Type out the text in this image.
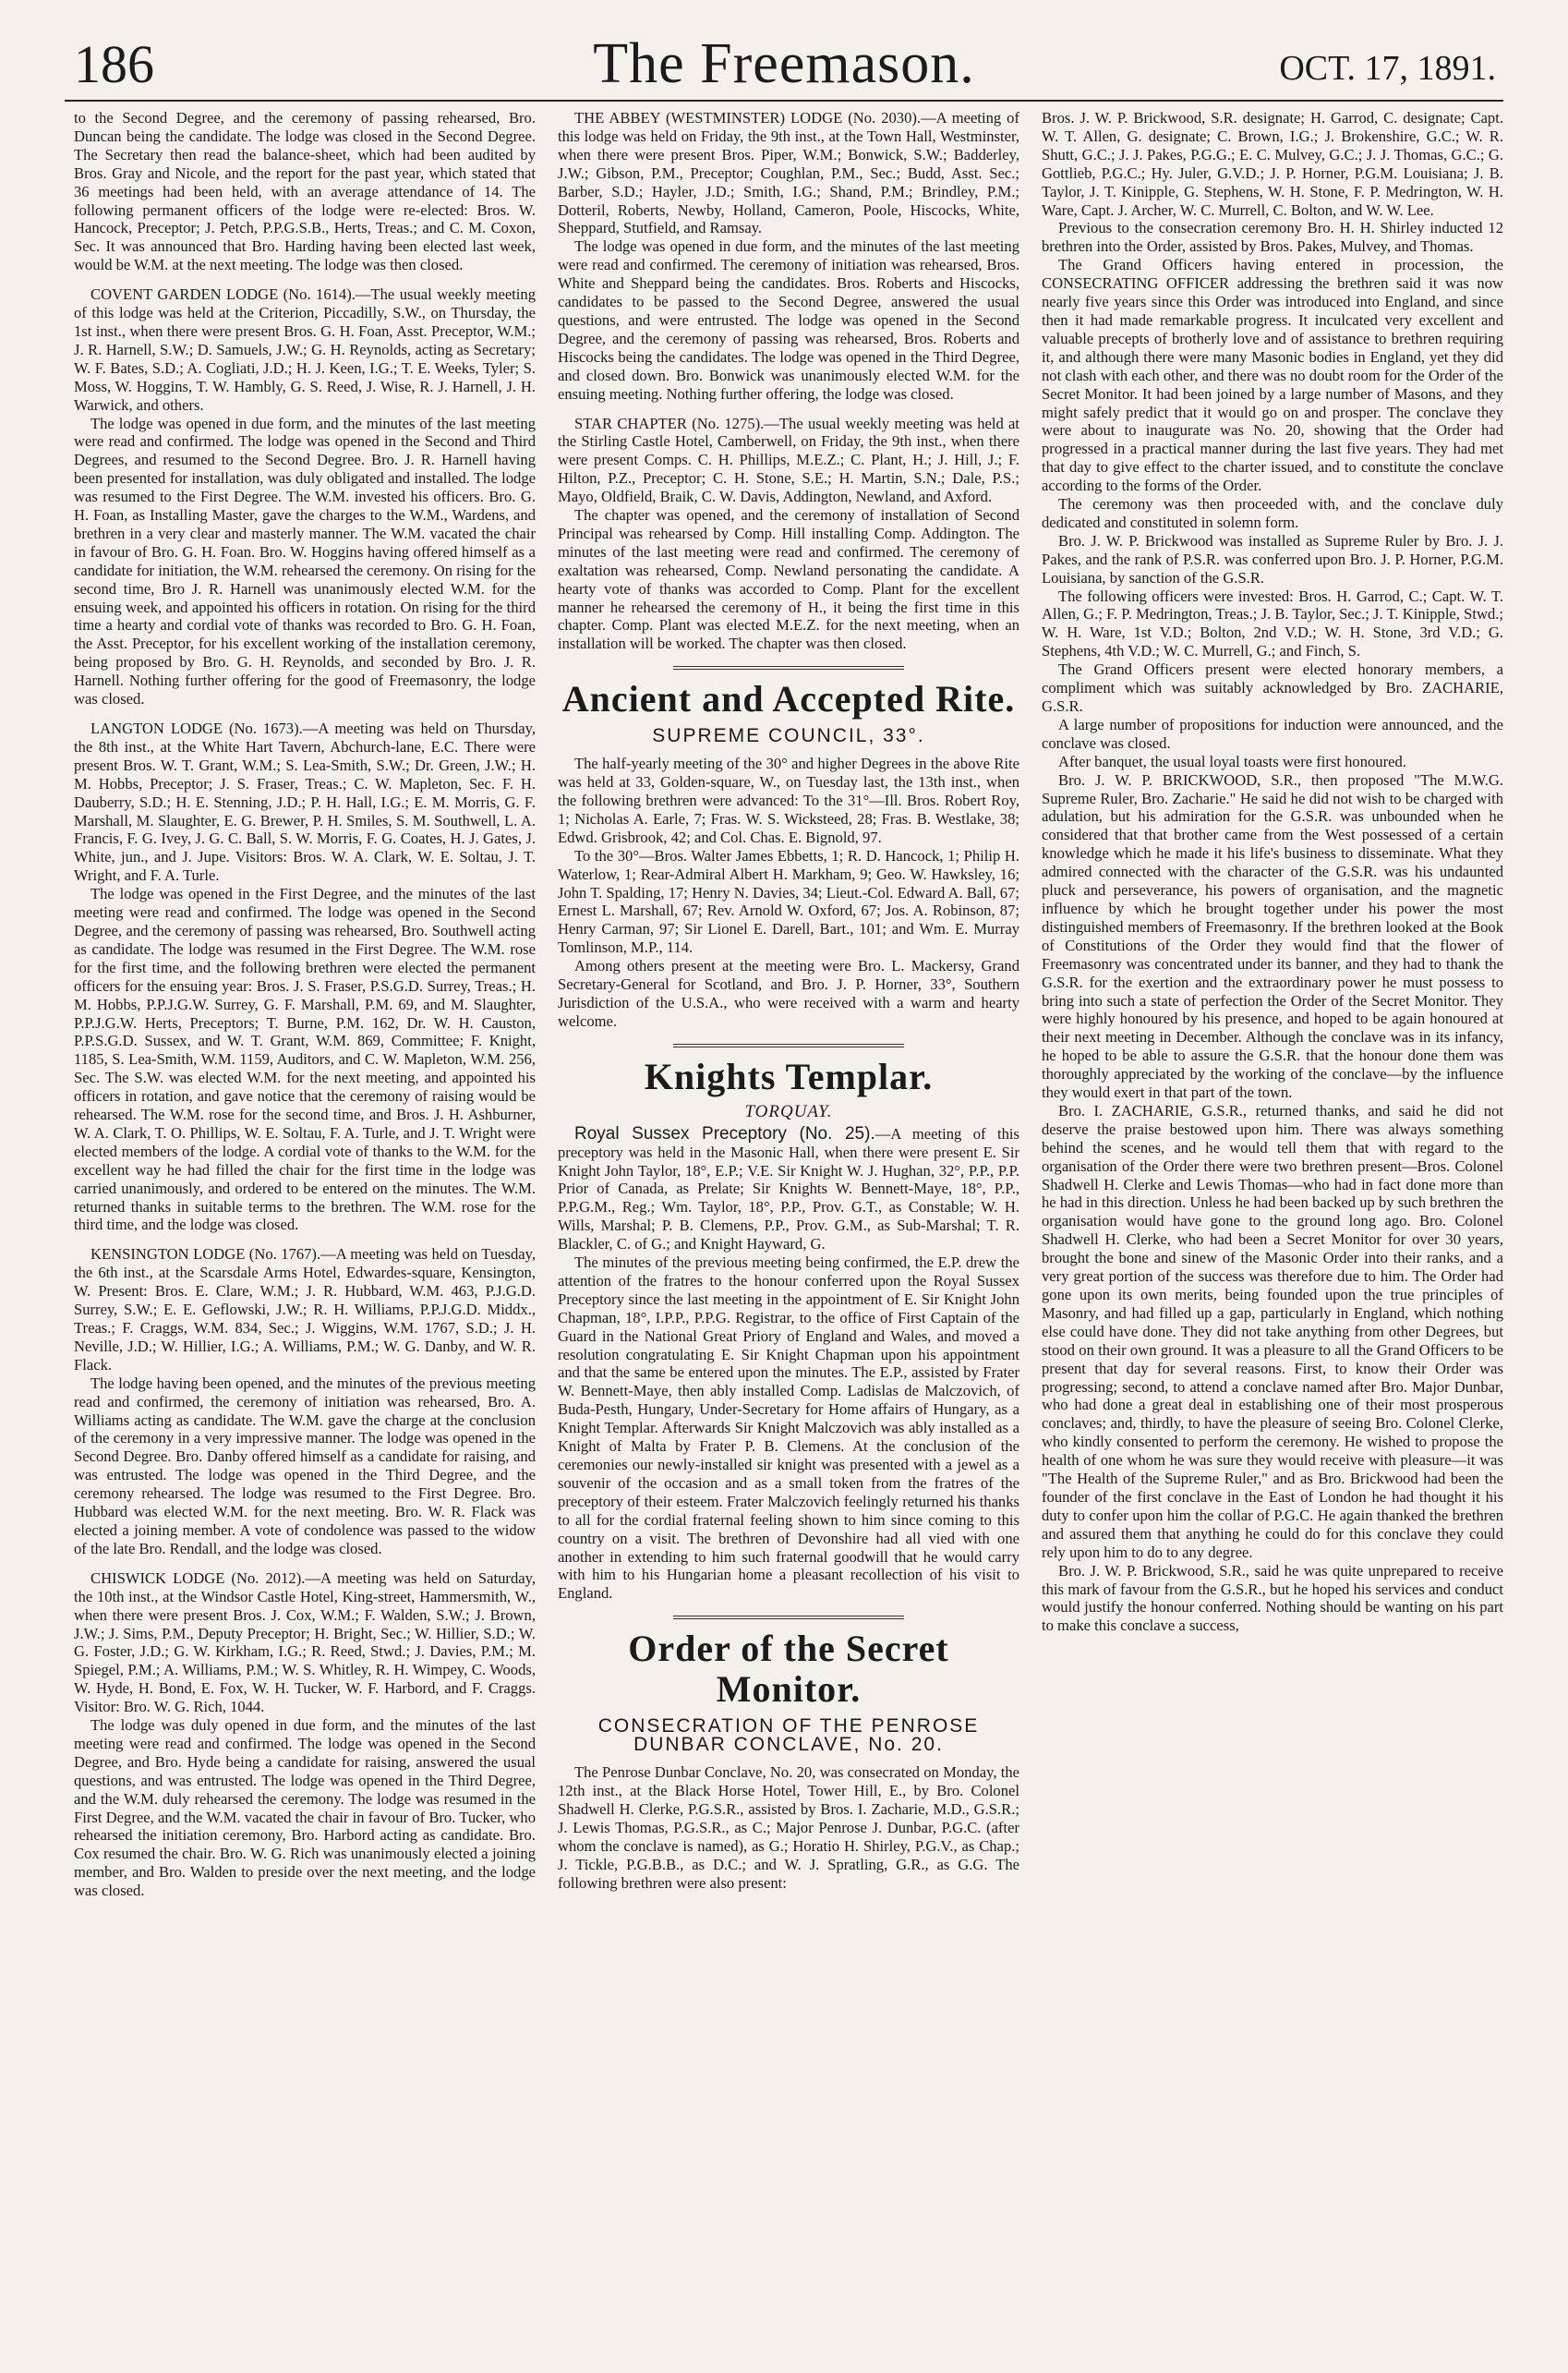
186	The Freemason.	OCT. 17, 1891.

to the Second Degree, and the ceremony of passing rehearsed, Bro. Duncan being the candidate. The lodge was closed in the Second Degree. The Secretary then read the balance-sheet, which had been audited by Bros. Gray and Nicole, and the report for the past year, which stated that 36 meetings had been held, with an average attendance of 14. The following permanent officers of the lodge were re-elected: Bros. W. Hancock, Preceptor; J. Petch, P.P.G.S.B., Herts, Treas.; and C. M. Coxon, Sec. It was announced that Bro. Harding having been elected last week, would be W.M. at the next meeting. The lodge was then closed.

COVENT GARDEN LODGE (No. 1614).—The usual weekly meeting of this lodge was held at the Criterion, Piccadilly, S.W., on Thursday, the 1st inst., when there were present Bros. G. H. Foan, Asst. Preceptor, W.M.; J. R. Harnell, S.W.; D. Samuels, J.W.; G. H. Reynolds, acting as Secretary; W. F. Bates, S.D.; A. Cogliati, J.D.; H. J. Keen, I.G.; T. E. Weeks, Tyler; S. Moss, W. Hoggins, T. W. Hambly, G. S. Reed, J. Wise, R. J. Harnell, J. H. Warwick, and others.

The lodge was opened in due form, and the minutes of the last meeting were read and confirmed. The lodge was opened in the Second and Third Degrees, and resumed to the Second Degree. Bro. J. R. Harnell having been presented for installation, was duly obligated and installed. The lodge was resumed to the First Degree. The W.M. invested his officers. Bro. G. H. Foan, as Installing Master, gave the charges to the W.M., Wardens, and brethren in a very clear and masterly manner. The W.M. vacated the chair in favour of Bro. G. H. Foan. Bro. W. Hoggins having offered himself as a candidate for initiation, the W.M. rehearsed the ceremony. On rising for the second time, Bro J. R. Harnell was unanimously elected W.M. for the ensuing week, and appointed his officers in rotation. On rising for the third time a hearty and cordial vote of thanks was recorded to Bro. G. H. Foan, the Asst. Preceptor, for his excellent working of the installation ceremony, being proposed by Bro. G. H. Reynolds, and seconded by Bro. J. R. Harnell. Nothing further offering for the good of Freemasonry, the lodge was closed.

LANGTON LODGE (No. 1673).—A meeting was held on Thursday, the 8th inst., at the White Hart Tavern, Abchurch-lane, E.C. There were present Bros. W. T. Grant, W.M.; S. Lea-Smith, S.W.; Dr. Green, J.W.; H. M. Hobbs, Preceptor; J. S. Fraser, Treas.; C. W. Mapleton, Sec. F. H. Dauberry, S.D.; H. E. Stenning, J.D.; P. H. Hall, I.G.; E. M. Morris, G. F. Marshall, M. Slaughter, E. G. Brewer, P. H. Smiles, S. M. Southwell, L. A. Francis, F. G. Ivey, J. G. C. Ball, S. W. Morris, F. G. Coates, H. J. Gates, J. White, jun., and J. Jupe. Visitors: Bros. W. A. Clark, W. E. Soltau, J. T. Wright, and F. A. Turle.

The lodge was opened in the First Degree, and the minutes of the last meeting were read and confirmed. The lodge was opened in the Second Degree, and the ceremony of passing was rehearsed, Bro. Southwell acting as candidate. The lodge was resumed in the First Degree. The W.M. rose for the first time, and the following brethren were elected the permanent officers for the ensuing year: Bros. J. S. Fraser, P.S.G.D. Surrey, Treas.; H. M. Hobbs, P.P.J.G.W. Surrey, G. F. Marshall, P.M. 69, and M. Slaughter, P.P.J.G.W. Herts, Preceptors; T. Burne, P.M. 162, Dr. W. H. Causton, P.P.S.G.D. Sussex, and W. T. Grant, W.M. 869, Committee; F. Knight, 1185, S. Lea-Smith, W.M. 1159, Auditors, and C. W. Mapleton, W.M. 256, Sec. The S.W. was elected W.M. for the next meeting, and appointed his officers in rotation, and gave notice that the ceremony of raising would be rehearsed. The W.M. rose for the second time, and Bros. J. H. Ashburner, W. A. Clark, T. O. Phillips, W. E. Soltau, F. A. Turle, and J. T. Wright were elected members of the lodge. A cordial vote of thanks to the W.M. for the excellent way he had filled the chair for the first time in the lodge was carried unanimously, and ordered to be entered on the minutes. The W.M. returned thanks in suitable terms to the brethren. The W.M. rose for the third time, and the lodge was closed.

KENSINGTON LODGE (No. 1767).—A meeting was held on Tuesday, the 6th inst., at the Scarsdale Arms Hotel, Edwardes-square, Kensington, W. Present: Bros. E. Clare, W.M.; J. R. Hubbard, W.M. 463, P.J.G.D. Surrey, S.W.; E. E. Geflowski, J.W.; R. H. Williams, P.P.J.G.D. Middx., Treas.; F. Craggs, W.M. 834, Sec.; J. Wiggins, W.M. 1767, S.D.; J. H. Neville, J.D.; W. Hillier, I.G.; A. Williams, P.M.; W. G. Danby, and W. R. Flack.

The lodge having been opened, and the minutes of the previous meeting read and confirmed, the ceremony of initiation was rehearsed, Bro. A. Williams acting as candidate. The W.M. gave the charge at the conclusion of the ceremony in a very impressive manner. The lodge was opened in the Second Degree. Bro. Danby offered himself as a candidate for raising, and was entrusted. The lodge was opened in the Third Degree, and the ceremony rehearsed. The lodge was resumed to the First Degree. Bro. Hubbard was elected W.M. for the next meeting. Bro. W. R. Flack was elected a joining member. A vote of condolence was passed to the widow of the late Bro. Rendall, and the lodge was closed.

CHISWICK LODGE (No. 2012).—A meeting was held on Saturday, the 10th inst., at the Windsor Castle Hotel, King-street, Hammersmith, W., when there were present Bros. J. Cox, W.M.; F. Walden, S.W.; J. Brown, J.W.; J. Sims, P.M., Deputy Preceptor; H. Bright, Sec.; W. Hillier, S.D.; W. G. Foster, J.D.; G. W. Kirkham, I.G.; R. Reed, Stwd.; J. Davies, P.M.; M. Spiegel, P.M.; A. Williams, P.M.; W. S. Whitley, R. H. Wimpey, C. Woods, W. Hyde, H. Bond, E. Fox, W. H. Tucker, W. F. Harbord, and F. Craggs. Visitor: Bro. W. G. Rich, 1044.

The lodge was duly opened in due form, and the minutes of the last meeting were read and confirmed. The lodge was opened in the Second Degree, and Bro. Hyde being a candidate for raising, answered the usual questions, and was entrusted. The lodge was opened in the Third Degree, and the W.M. duly rehearsed the ceremony. The lodge was resumed in the First Degree, and the W.M. vacated the chair in favour of Bro. Tucker, who rehearsed the initiation ceremony, Bro. Harbord acting as candidate. Bro. Cox resumed the chair. Bro. W. G. Rich was unanimously elected a joining member, and Bro. Walden to preside over the next meeting, and the lodge was closed.

THE ABBEY (WESTMINSTER) LODGE (No. 2030).—A meeting of this lodge was held on Friday, the 9th inst., at the Town Hall, Westminster, when there were present Bros. Piper, W.M.; Bonwick, S.W.; Badderley, J.W.; Gibson, P.M., Preceptor; Coughlan, P.M., Sec.; Budd, Asst. Sec.; Barber, S.D.; Hayler, J.D.; Smith, I.G.; Shand, P.M.; Brindley, P.M.; Dotteril, Roberts, Newby, Holland, Cameron, Poole, Hiscocks, White, Sheppard, Stutfield, and Ramsay.

The lodge was opened in due form, and the minutes of the last meeting were read and confirmed. The ceremony of initiation was rehearsed, Bros. White and Sheppard being the candidates. Bros. Roberts and Hiscocks, candidates to be passed to the Second Degree, answered the usual questions, and were entrusted. The lodge was opened in the Second Degree, and the ceremony of passing was rehearsed, Bros. Roberts and Hiscocks being the candidates. The lodge was opened in the Third Degree, and closed down. Bro. Bonwick was unanimously elected W.M. for the ensuing meeting. Nothing further offering, the lodge was closed.

STAR CHAPTER (No. 1275).—The usual weekly meeting was held at the Stirling Castle Hotel, Camberwell, on Friday, the 9th inst., when there were present Comps. C. H. Phillips, M.E.Z.; C. Plant, H.; J. Hill, J.; F. Hilton, P.Z., Preceptor; C. H. Stone, S.E.; H. Martin, S.N.; Dale, P.S.; Mayo, Oldfield, Braik, C. W. Davis, Addington, Newland, and Axford.

The chapter was opened, and the ceremony of installation of Second Principal was rehearsed by Comp. Hill installing Comp. Addington. The minutes of the last meeting were read and confirmed. The ceremony of exaltation was rehearsed, Comp. Newland personating the candidate. A hearty vote of thanks was accorded to Comp. Plant for the excellent manner he rehearsed the ceremony of H., it being the first time in this chapter. Comp. Plant was elected M.E.Z. for the next meeting, when an installation will be worked. The chapter was then closed.

Ancient and Accepted Rite.
SUPREME COUNCIL, 33°.

The half-yearly meeting of the 30° and higher Degrees in the above Rite was held at 33, Golden-square, W., on Tuesday last, the 13th inst., when the following brethren were advanced: To the 31°—Ill. Bros. Robert Roy, 1; Nicholas A. Earle, 7; Fras. W. S. Wicksteed, 28; Fras. B. Westlake, 38; Edwd. Grisbrook, 42; and Col. Chas. E. Bignold, 97.

To the 30°—Bros. Walter James Ebbetts, 1; R. D. Hancock, 1; Philip H. Waterlow, 1; Rear-Admiral Albert H. Markham, 9; Geo. W. Hawksley, 16; John T. Spalding, 17; Henry N. Davies, 34; Lieut.-Col. Edward A. Ball, 67; Ernest L. Marshall, 67; Rev. Arnold W. Oxford, 67; Jos. A. Robinson, 87; Henry Carman, 97; Sir Lionel E. Darell, Bart., 101; and Wm. E. Murray Tomlinson, M.P., 114.

Among others present at the meeting were Bro. L. Mackersy, Grand Secretary-General for Scotland, and Bro. J. P. Horner, 33°, Southern Jurisdiction of the U.S.A., who were received with a warm and hearty welcome.

Knights Templar.
TORQUAY.

Royal Sussex Preceptory (No. 25).—A meeting of this preceptory was held in the Masonic Hall, when there were present E. Sir Knight John Taylor, 18°, E.P.; V.E. Sir Knight W. J. Hughan, 32°, P.P., P.P. Prior of Canada, as Prelate; Sir Knights W. Bennett-Maye, 18°, P.P., P.P.G.M., Reg.; Wm. Taylor, 18°, P.P., Prov. G.T., as Constable; W. H. Wills, Marshal; P. B. Clemens, P.P., Prov. G.M., as Sub-Marshal; T. R. Blackler, C. of G.; and Knight Hayward, G.

The minutes of the previous meeting being confirmed, the E.P. drew the attention of the fratres to the honour conferred upon the Royal Sussex Preceptory since the last meeting in the appointment of E. Sir Knight John Chapman, 18°, I.P.P., P.P.G. Registrar, to the office of First Captain of the Guard in the National Great Priory of England and Wales, and moved a resolution congratulating E. Sir Knight Chapman upon his appointment and that the same be entered upon the minutes. The E.P., assisted by Frater W. Bennett-Maye, then ably installed Comp. Ladislas de Malczovich, of Buda-Pesth, Hungary, Under-Secretary for Home affairs of Hungary, as a Knight Templar. Afterwards Sir Knight Malczovich was ably installed as a Knight of Malta by Frater P. B. Clemens. At the conclusion of the ceremonies our newly-installed sir knight was presented with a jewel as a souvenir of the occasion and as a small token from the fratres of the preceptory of their esteem. Frater Malczovich feelingly returned his thanks to all for the cordial fraternal feeling shown to him since coming to this country on a visit. The brethren of Devonshire had all vied with one another in extending to him such fraternal goodwill that he would carry with him to his Hungarian home a pleasant recollection of his visit to England.

Order of the Secret Monitor.
CONSECRATION OF THE PENROSE DUNBAR CONCLAVE, No. 20.

The Penrose Dunbar Conclave, No. 20, was consecrated on Monday, the 12th inst., at the Black Horse Hotel, Tower Hill, E., by Bro. Colonel Shadwell H. Clerke, P.G.S.R., assisted by Bros. I. Zacharie, M.D., G.S.R.; J. Lewis Thomas, P.G.S.R., as C.; Major Penrose J. Dunbar, P.G.C. (after whom the conclave is named), as G.; Horatio H. Shirley, P.G.V., as Chap.; J. Tickle, P.G.B.B., as D.C.; and W. J. Spratling, G.R., as G.G. The following brethren were also present:

Bros. J. W. P. Brickwood, S.R. designate; H. Garrod, C. designate; Capt. W. T. Allen, G. designate; C. Brown, I.G.; J. Brokenshire, G.C.; W. R. Shutt, G.C.; J. J. Pakes, P.G.G.; E. C. Mulvey, G.C.; J. J. Thomas, G.C.; G. Gottlieb, P.G.C.; Hy. Juler, G.V.D.; J. P. Horner, P.G.M. Louisiana; J. B. Taylor, J. T. Kinipple, G. Stephens, W. H. Stone, F. P. Medrington, W. H. Ware, Capt. J. Archer, W. C. Murrell, C. Bolton, and W. W. Lee.

Previous to the consecration ceremony Bro. H. H. Shirley inducted 12 brethren into the Order, assisted by Bros. Pakes, Mulvey, and Thomas.

The Grand Officers having entered in procession, the CONSECRATING OFFICER addressing the brethren said it was now nearly five years since this Order was introduced into England, and since then it had made remarkable progress. It inculcated very excellent and valuable precepts of brotherly love and of assistance to brethren requiring it, and although there were many Masonic bodies in England, yet they did not clash with each other, and there was no doubt room for the Order of the Secret Monitor. It had been joined by a large number of Masons, and they might safely predict that it would go on and prosper. The conclave they were about to inaugurate was No. 20, showing that the Order had progressed in a practical manner during the last five years. They had met that day to give effect to the charter issued, and to constitute the conclave according to the forms of the Order.

The ceremony was then proceeded with, and the conclave duly dedicated and constituted in solemn form.

Bro. J. W. P. Brickwood was installed as Supreme Ruler by Bro. J. J. Pakes, and the rank of P.S.R. was conferred upon Bro. J. P. Horner, P.G.M. Louisiana, by sanction of the G.S.R.

The following officers were invested: Bros. H. Garrod, C.; Capt. W. T. Allen, G.; F. P. Medrington, Treas.; J. B. Taylor, Sec.; J. T. Kinipple, Stwd.; W. H. Ware, 1st V.D.; Bolton, 2nd V.D.; W. H. Stone, 3rd V.D.; G. Stephens, 4th V.D.; W. C. Murrell, G.; and Finch, S.

The Grand Officers present were elected honorary members, a compliment which was suitably acknowledged by Bro. ZACHARIE, G.S.R.

A large number of propositions for induction were announced, and the conclave was closed.

After banquet, the usual loyal toasts were first honoured.

Bro. J. W. P. BRICKWOOD, S.R., then proposed "The M.W.G. Supreme Ruler, Bro. Zacharie." He said he did not wish to be charged with adulation, but his admiration for the G.S.R. was unbounded when he considered that that brother came from the West possessed of a certain knowledge which he made it his life's business to disseminate. What they admired connected with the character of the G.S.R. was his undaunted pluck and perseverance, his powers of organisation, and the magnetic influence by which he brought together under his power the most distinguished members of Freemasonry. If the brethren looked at the Book of Constitutions of the Order they would find that the flower of Freemasonry was concentrated under its banner, and they had to thank the G.S.R. for the exertion and the extraordinary power he must possess to bring into such a state of perfection the Order of the Secret Monitor. They were highly honoured by his presence, and hoped to be again honoured at their next meeting in December. Although the conclave was in its infancy, he hoped to be able to assure the G.S.R. that the honour done them was thoroughly appreciated by the working of the conclave—by the influence they would exert in that part of the town.

Bro. I. ZACHARIE, G.S.R., returned thanks, and said he did not deserve the praise bestowed upon him. There was always something behind the scenes, and he would tell them that with regard to the organisation of the Order there were two brethren present—Bros. Colonel Shadwell H. Clerke and Lewis Thomas—who had in fact done more than he had in this direction. Unless he had been backed up by such brethren the organisation would have gone to the ground long ago. Bro. Colonel Shadwell H. Clerke, who had been a Secret Monitor for over 30 years, brought the bone and sinew of the Masonic Order into their ranks, and a very great portion of the success was therefore due to him. The Order had gone upon its own merits, being founded upon the true principles of Masonry, and had filled up a gap, particularly in England, which nothing else could have done. They did not take anything from other Degrees, but stood on their own ground. It was a pleasure to all the Grand Officers to be present that day for several reasons. First, to know their Order was progressing; second, to attend a conclave named after Bro. Major Dunbar, who had done a great deal in establishing one of their most prosperous conclaves; and, thirdly, to have the pleasure of seeing Bro. Colonel Clerke, who kindly consented to perform the ceremony. He wished to propose the health of one whom he was sure they would receive with pleasure—it was "The Health of the Supreme Ruler," and as Bro. Brickwood had been the founder of the first conclave in the East of London he had thought it his duty to confer upon him the collar of P.G.C. He again thanked the brethren and assured them that anything he could do for this conclave they could rely upon him to do to any degree.

Bro. J. W. P. Brickwood, S.R., said he was quite unprepared to receive this mark of favour from the G.S.R., but he hoped his services and conduct would justify the honour conferred. Nothing should be wanting on his part to make this conclave a success,
